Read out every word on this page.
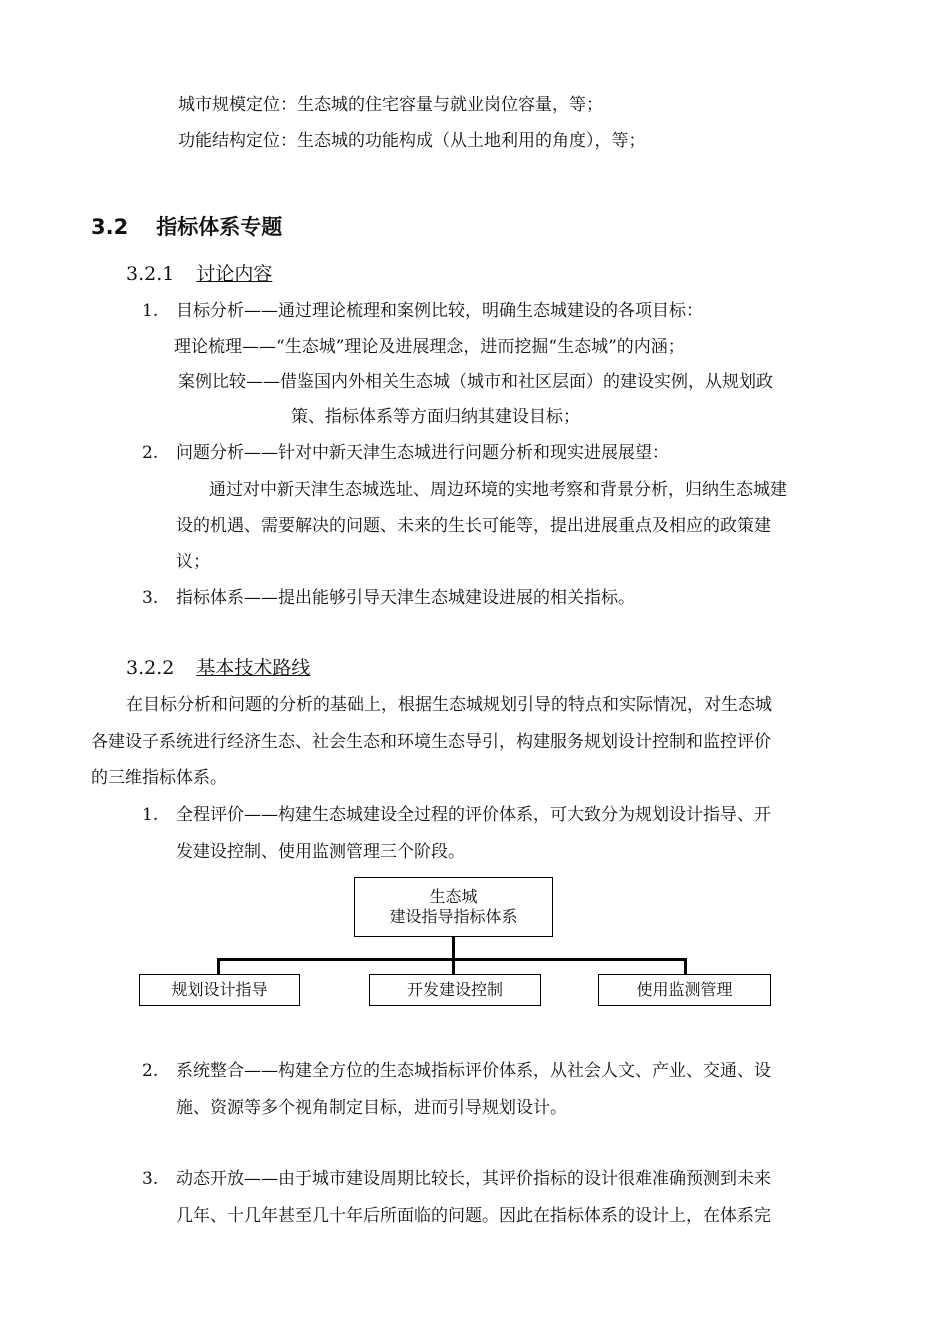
城市规模定位：生态城的住宅容量与就业岗位容量，等；
功能结构定位：生态城的功能构成（从土地利用的角度），等；
3.2 指标体系专题
3.2.1 讨论内容
1. 目标分析——通过理论梳理和案例比较，明确生态城建设的各项目标：
理论梳理——“生态城”理论及进展理念，进而挖掘“生态城”的内涵；
案例比较——借鉴国内外相关生态城（城市和社区层面）的建设实例，从规划政
策、指标体系等方面归纳其建设目标；
2. 问题分析——针对中新天津生态城进行问题分析和现实进展展望：
通过对中新天津生态城选址、周边环境的实地考察和背景分析，归纳生态城建
设的机遇、需要解决的问题、未来的生长可能等，提出进展重点及相应的政策建
议；
3. 指标体系——提出能够引导天津生态城建设进展的相关指标。
3.2.2 基本技术路线
在目标分析和问题的分析的基础上，根据生态城规划引导的特点和实际情况，对生态城
各建设子系统进行经济生态、社会生态和环境生态导引，构建服务规划设计控制和监控评价
的三维指标体系。
1. 全程评价——构建生态城建设全过程的评价体系，可大致分为规划设计指导、开
发建设控制、使用监测管理三个阶段。
生态城
建设指导指标体系
规划设计指导	开发建设控制	使用监测管理
2. 系统整合——构建全方位的生态城指标评价体系，从社会人文、产业、交通、设
施、资源等多个视角制定目标，进而引导规划设计。
3. 动态开放——由于城市建设周期比较长，其评价指标的设计很难准确预测到未来
几年、十几年甚至几十年后所面临的问题。因此在指标体系的设计上，在体系完
